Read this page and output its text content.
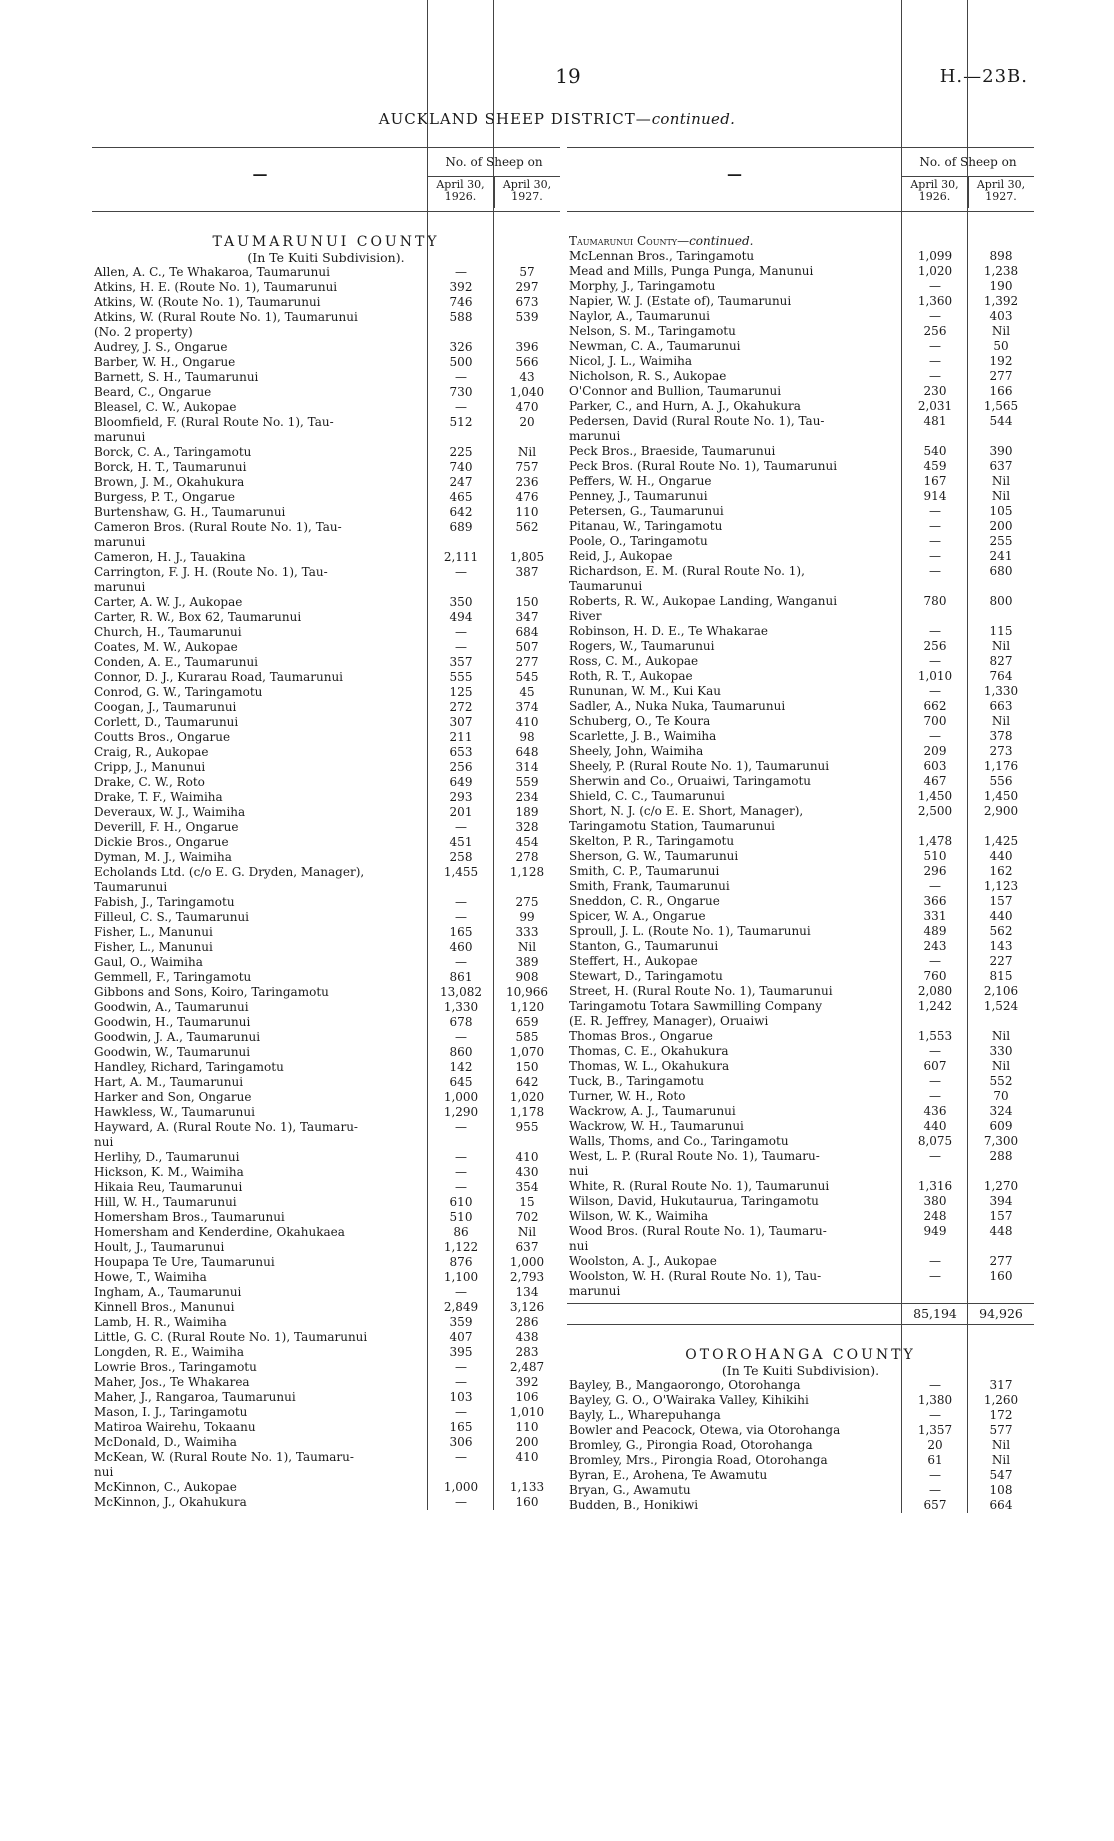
19	H.—23B.
AUCKLAND SHEEP DISTRICT—continued.
—
No. of Sheep on
April 30, 1926.
April 30, 1927.
TAUMARUNUI COUNTY
(In Te Kuiti Subdivision).
Allen, A. C., Te Whakaroa, Taumarunui	—	57
Atkins, H. E. (Route No. 1), Taumarunui	392	297
Atkins, W. (Route No. 1), Taumarunui	746	673
Atkins, W. (Rural Route No. 1), Taumarunui	588	539
(No. 2 property)
Audrey, J. S., Ongarue	326	396
Barber, W. H., Ongarue	500	566
Barnett, S. H., Taumarunui	—	43
Beard, C., Ongarue	730	1,040
Bleasel, C. W., Aukopae	—	470
Bloomfield, F. (Rural Route No. 1), Tau-	512	20
marunui
Borck, C. A., Taringamotu	225	Nil
Borck, H. T., Taumarunui	740	757
Brown, J. M., Okahukura	247	236
Burgess, P. T., Ongarue	465	476
Burtenshaw, G. H., Taumarunui	642	110
Cameron Bros. (Rural Route No. 1), Tau-	689	562
marunui
Cameron, H. J., Tauakina	2,111	1,805
Carrington, F. J. H. (Route No. 1), Tau-	—	387
marunui
Carter, A. W. J., Aukopae	350	150
Carter, R. W., Box 62, Taumarunui	494	347
Church, H., Taumarunui	—	684
Coates, M. W., Aukopae	—	507
Conden, A. E., Taumarunui	357	277
Connor, D. J., Kurarau Road, Taumarunui	555	545
Conrod, G. W., Taringamotu	125	45
Coogan, J., Taumarunui	272	374
Corlett, D., Taumarunui	307	410
Coutts Bros., Ongarue	211	98
Craig, R., Aukopae	653	648
Cripp, J., Manunui	256	314
Drake, C. W., Roto	649	559
Drake, T. F., Waimiha	293	234
Deveraux, W. J., Waimiha	201	189
Deverill, F. H., Ongarue	—	328
Dickie Bros., Ongarue	451	454
Dyman, M. J., Waimiha	258	278
Echolands Ltd. (c/o E. G. Dryden, Manager),	1,455	1,128
Taumarunui
Fabish, J., Taringamotu	—	275
Filleul, C. S., Taumarunui	—	99
Fisher, L., Manunui	165	333
Fisher, L., Manunui	460	Nil
Gaul, O., Waimiha	—	389
Gemmell, F., Taringamotu	861	908
Gibbons and Sons, Koiro, Taringamotu	13,082	10,966
Goodwin, A., Taumarunui	1,330	1,120
Goodwin, H., Taumarunui	678	659
Goodwin, J. A., Taumarunui	—	585
Goodwin, W., Taumarunui	860	1,070
Handley, Richard, Taringamotu	142	150
Hart, A. M., Taumarunui	645	642
Harker and Son, Ongarue	1,000	1,020
Hawkless, W., Taumarunui	1,290	1,178
Hayward, A. (Rural Route No. 1), Taumaru-	—	955
nui
Herlihy, D., Taumarunui	—	410
Hickson, K. M., Waimiha	—	430
Hikaia Reu, Taumarunui	—	354
Hill, W. H., Taumarunui	610	15
Homersham Bros., Taumarunui	510	702
Homersham and Kenderdine, Okahukaea	86	Nil
Hoult, J., Taumarunui	1,122	637
Houpapa Te Ure, Taumarunui	876	1,000
Howe, T., Waimiha	1,100	2,793
Ingham, A., Taumarunui	—	134
Kinnell Bros., Manunui	2,849	3,126
Lamb, H. R., Waimiha	359	286
Little, G. C. (Rural Route No. 1), Taumarunui	407	438
Longden, R. E., Waimiha	395	283
Lowrie Bros., Taringamotu	—	2,487
Maher, Jos., Te Whakarea	—	392
Maher, J., Rangaroa, Taumarunui	103	106
Mason, I. J., Taringamotu	—	1,010
Matiroa Wairehu, Tokaanu	165	110
McDonald, D., Waimiha	306	200
McKean, W. (Rural Route No. 1), Taumaru-	—	410
nui
McKinnon, C., Aukopae	1,000	1,133
McKinnon, J., Okahukura	—	160
—
No. of Sheep on
April 30, 1926.
April 30, 1927.
Taumarunui County—continued.
McLennan Bros., Taringamotu	1,099	898
Mead and Mills, Punga Punga, Manunui	1,020	1,238
Morphy, J., Taringamotu	—	190
Napier, W. J. (Estate of), Taumarunui	1,360	1,392
Naylor, A., Taumarunui	—	403
Nelson, S. M., Taringamotu	256	Nil
Newman, C. A., Taumarunui	—	50
Nicol, J. L., Waimiha	—	192
Nicholson, R. S., Aukopae	—	277
O'Connor and Bullion, Taumarunui	230	166
Parker, C., and Hurn, A. J., Okahukura	2,031	1,565
Pedersen, David (Rural Route No. 1), Tau-	481	544
marunui
Peck Bros., Braeside, Taumarunui	540	390
Peck Bros. (Rural Route No. 1), Taumarunui	459	637
Peffers, W. H., Ongarue	167	Nil
Penney, J., Taumarunui	914	Nil
Petersen, G., Taumarunui	—	105
Pitanau, W., Taringamotu	—	200
Poole, O., Taringamotu	—	255
Reid, J., Aukopae	—	241
Richardson, E. M. (Rural Route No. 1),	—	680
Taumarunui
Roberts, R. W., Aukopae Landing, Wanganui	780	800
River
Robinson, H. D. E., Te Whakarae	—	115
Rogers, W., Taumarunui	256	Nil
Ross, C. M., Aukopae	—	827
Roth, R. T., Aukopae	1,010	764
Rununan, W. M., Kui Kau	—	1,330
Sadler, A., Nuka Nuka, Taumarunui	662	663
Schuberg, O., Te Koura	700	Nil
Scarlette, J. B., Waimiha	—	378
Sheely, John, Waimiha	209	273
Sheely, P. (Rural Route No. 1), Taumarunui	603	1,176
Sherwin and Co., Oruaiwi, Taringamotu	467	556
Shield, C. C., Taumarunui	1,450	1,450
Short, N. J. (c/o E. E. Short, Manager),	2,500	2,900
Taringamotu Station, Taumarunui
Skelton, P. R., Taringamotu	1,478	1,425
Sherson, G. W., Taumarunui	510	440
Smith, C. P., Taumarunui	296	162
Smith, Frank, Taumarunui	—	1,123
Sneddon, C. R., Ongarue	366	157
Spicer, W. A., Ongarue	331	440
Sproull, J. L. (Route No. 1), Taumarunui	489	562
Stanton, G., Taumarunui	243	143
Steffert, H., Aukopae	—	227
Stewart, D., Taringamotu	760	815
Street, H. (Rural Route No. 1), Taumarunui	2,080	2,106
Taringamotu Totara Sawmilling Company	1,242	1,524
(E. R. Jeffrey, Manager), Oruaiwi
Thomas Bros., Ongarue	1,553	Nil
Thomas, C. E., Okahukura	—	330
Thomas, W. L., Okahukura	607	Nil
Tuck, B., Taringamotu	—	552
Turner, W. H., Roto	—	70
Wackrow, A. J., Taumarunui	436	324
Wackrow, W. H., Taumarunui	440	609
Walls, Thoms, and Co., Taringamotu	8,075	7,300
West, L. P. (Rural Route No. 1), Taumaru-	—	288
nui
White, R. (Rural Route No. 1), Taumarunui	1,316	1,270
Wilson, David, Hukutaurua, Taringamotu	380	394
Wilson, W. K., Waimiha	248	157
Wood Bros. (Rural Route No. 1), Taumaru-	949	448
nui
Woolston, A. J., Aukopae	—	277
Woolston, W. H. (Rural Route No. 1), Tau-	—	160
marunui
85,194	94,926
OTOROHANGA COUNTY
(In Te Kuiti Subdivision).
Bayley, B., Mangaorongo, Otorohanga	—	317
Bayley, G. O., O'Wairaka Valley, Kihikihi	1,380	1,260
Bayly, L., Wharepuhanga	—	172
Bowler and Peacock, Otewa, via Otorohanga	1,357	577
Bromley, G., Pirongia Road, Otorohanga	20	Nil
Bromley, Mrs., Pirongia Road, Otorohanga	61	Nil
Byran, E., Arohena, Te Awamutu	—	547
Bryan, G., Awamutu	—	108
Budden, B., Honikiwi	657	664
